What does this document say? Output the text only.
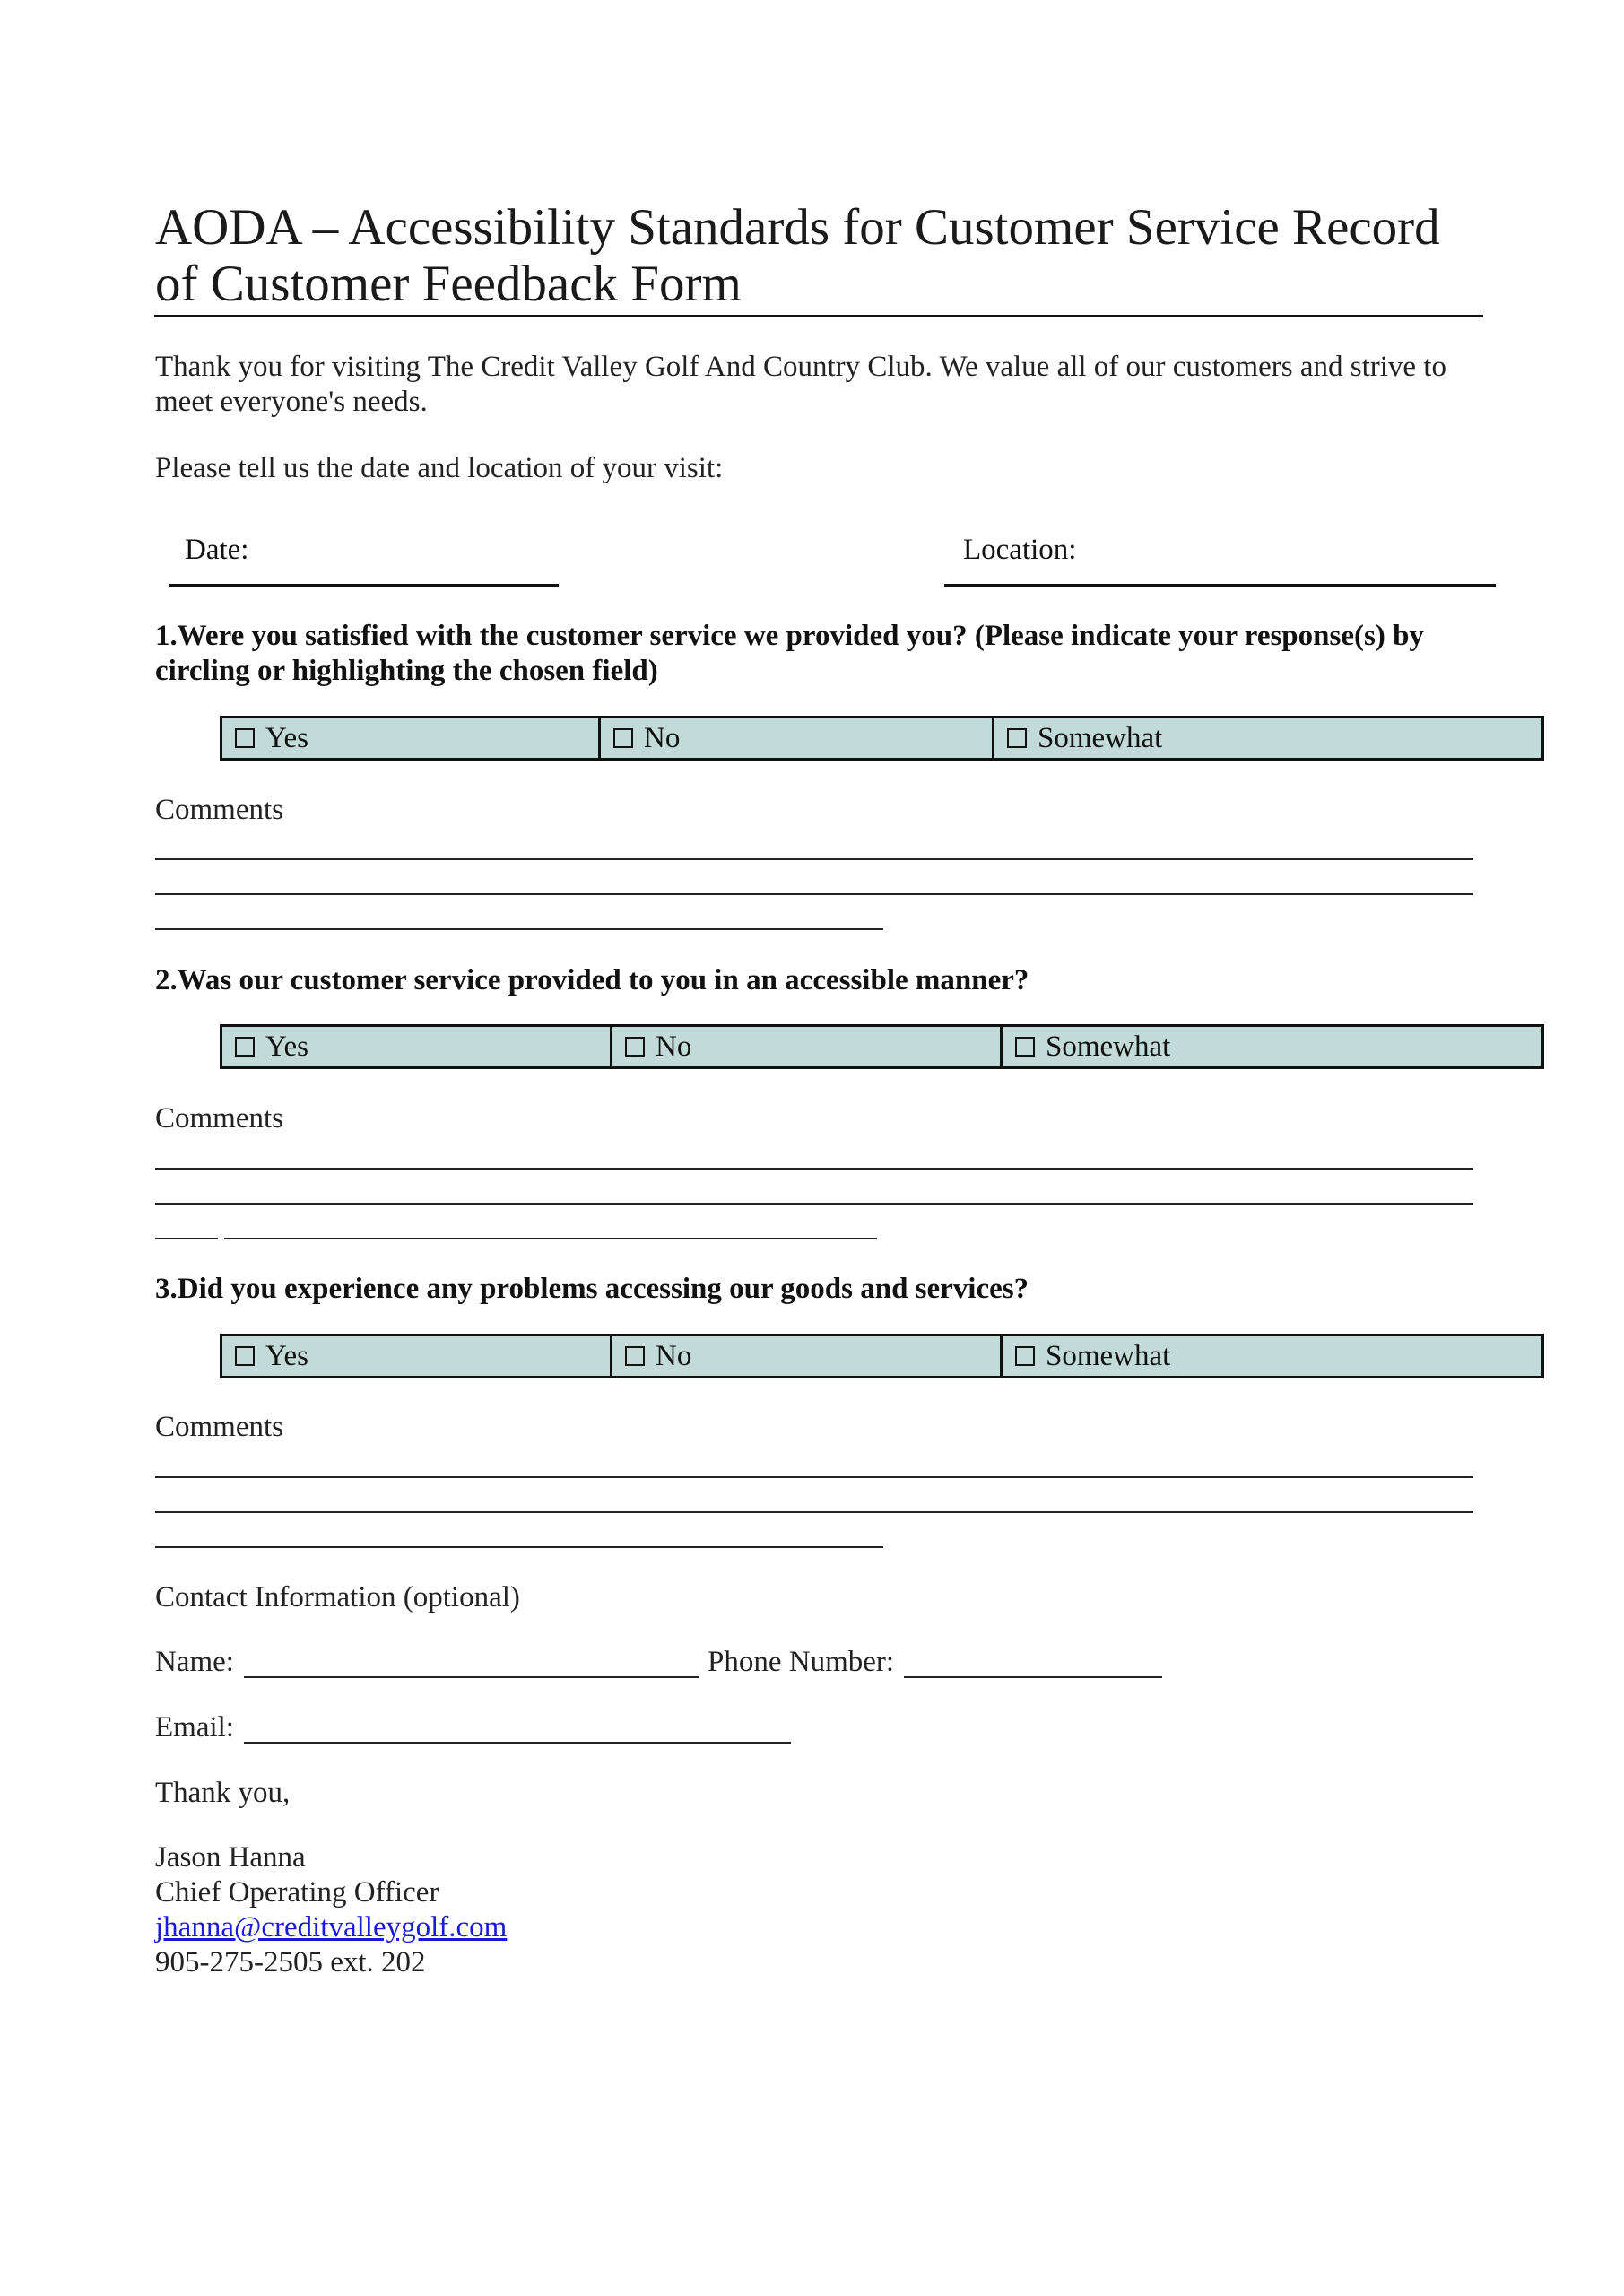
AODA – Accessibility Standards for Customer Service Record of Customer Feedback Form
Thank you for visiting The Credit Valley Golf And Country Club. We value all of our customers and strive to meet everyone's needs.
Please tell us the date and location of your visit:
Date:	Location:
1.Were you satisfied with the customer service we provided you? (Please indicate your response(s) by circling or highlighting the chosen field)
Yes	No	Somewhat
Comments
2.Was our customer service provided to you in an accessible manner?
Yes	No	Somewhat
Comments
3.Did you experience any problems accessing our goods and services?
Yes	No	Somewhat
Comments
Contact Information (optional)
Name:	Phone Number:
Email:
Thank you,
Jason Hanna
Chief Operating Officer
jhanna@creditvalleygolf.com
905-275-2505 ext. 202
